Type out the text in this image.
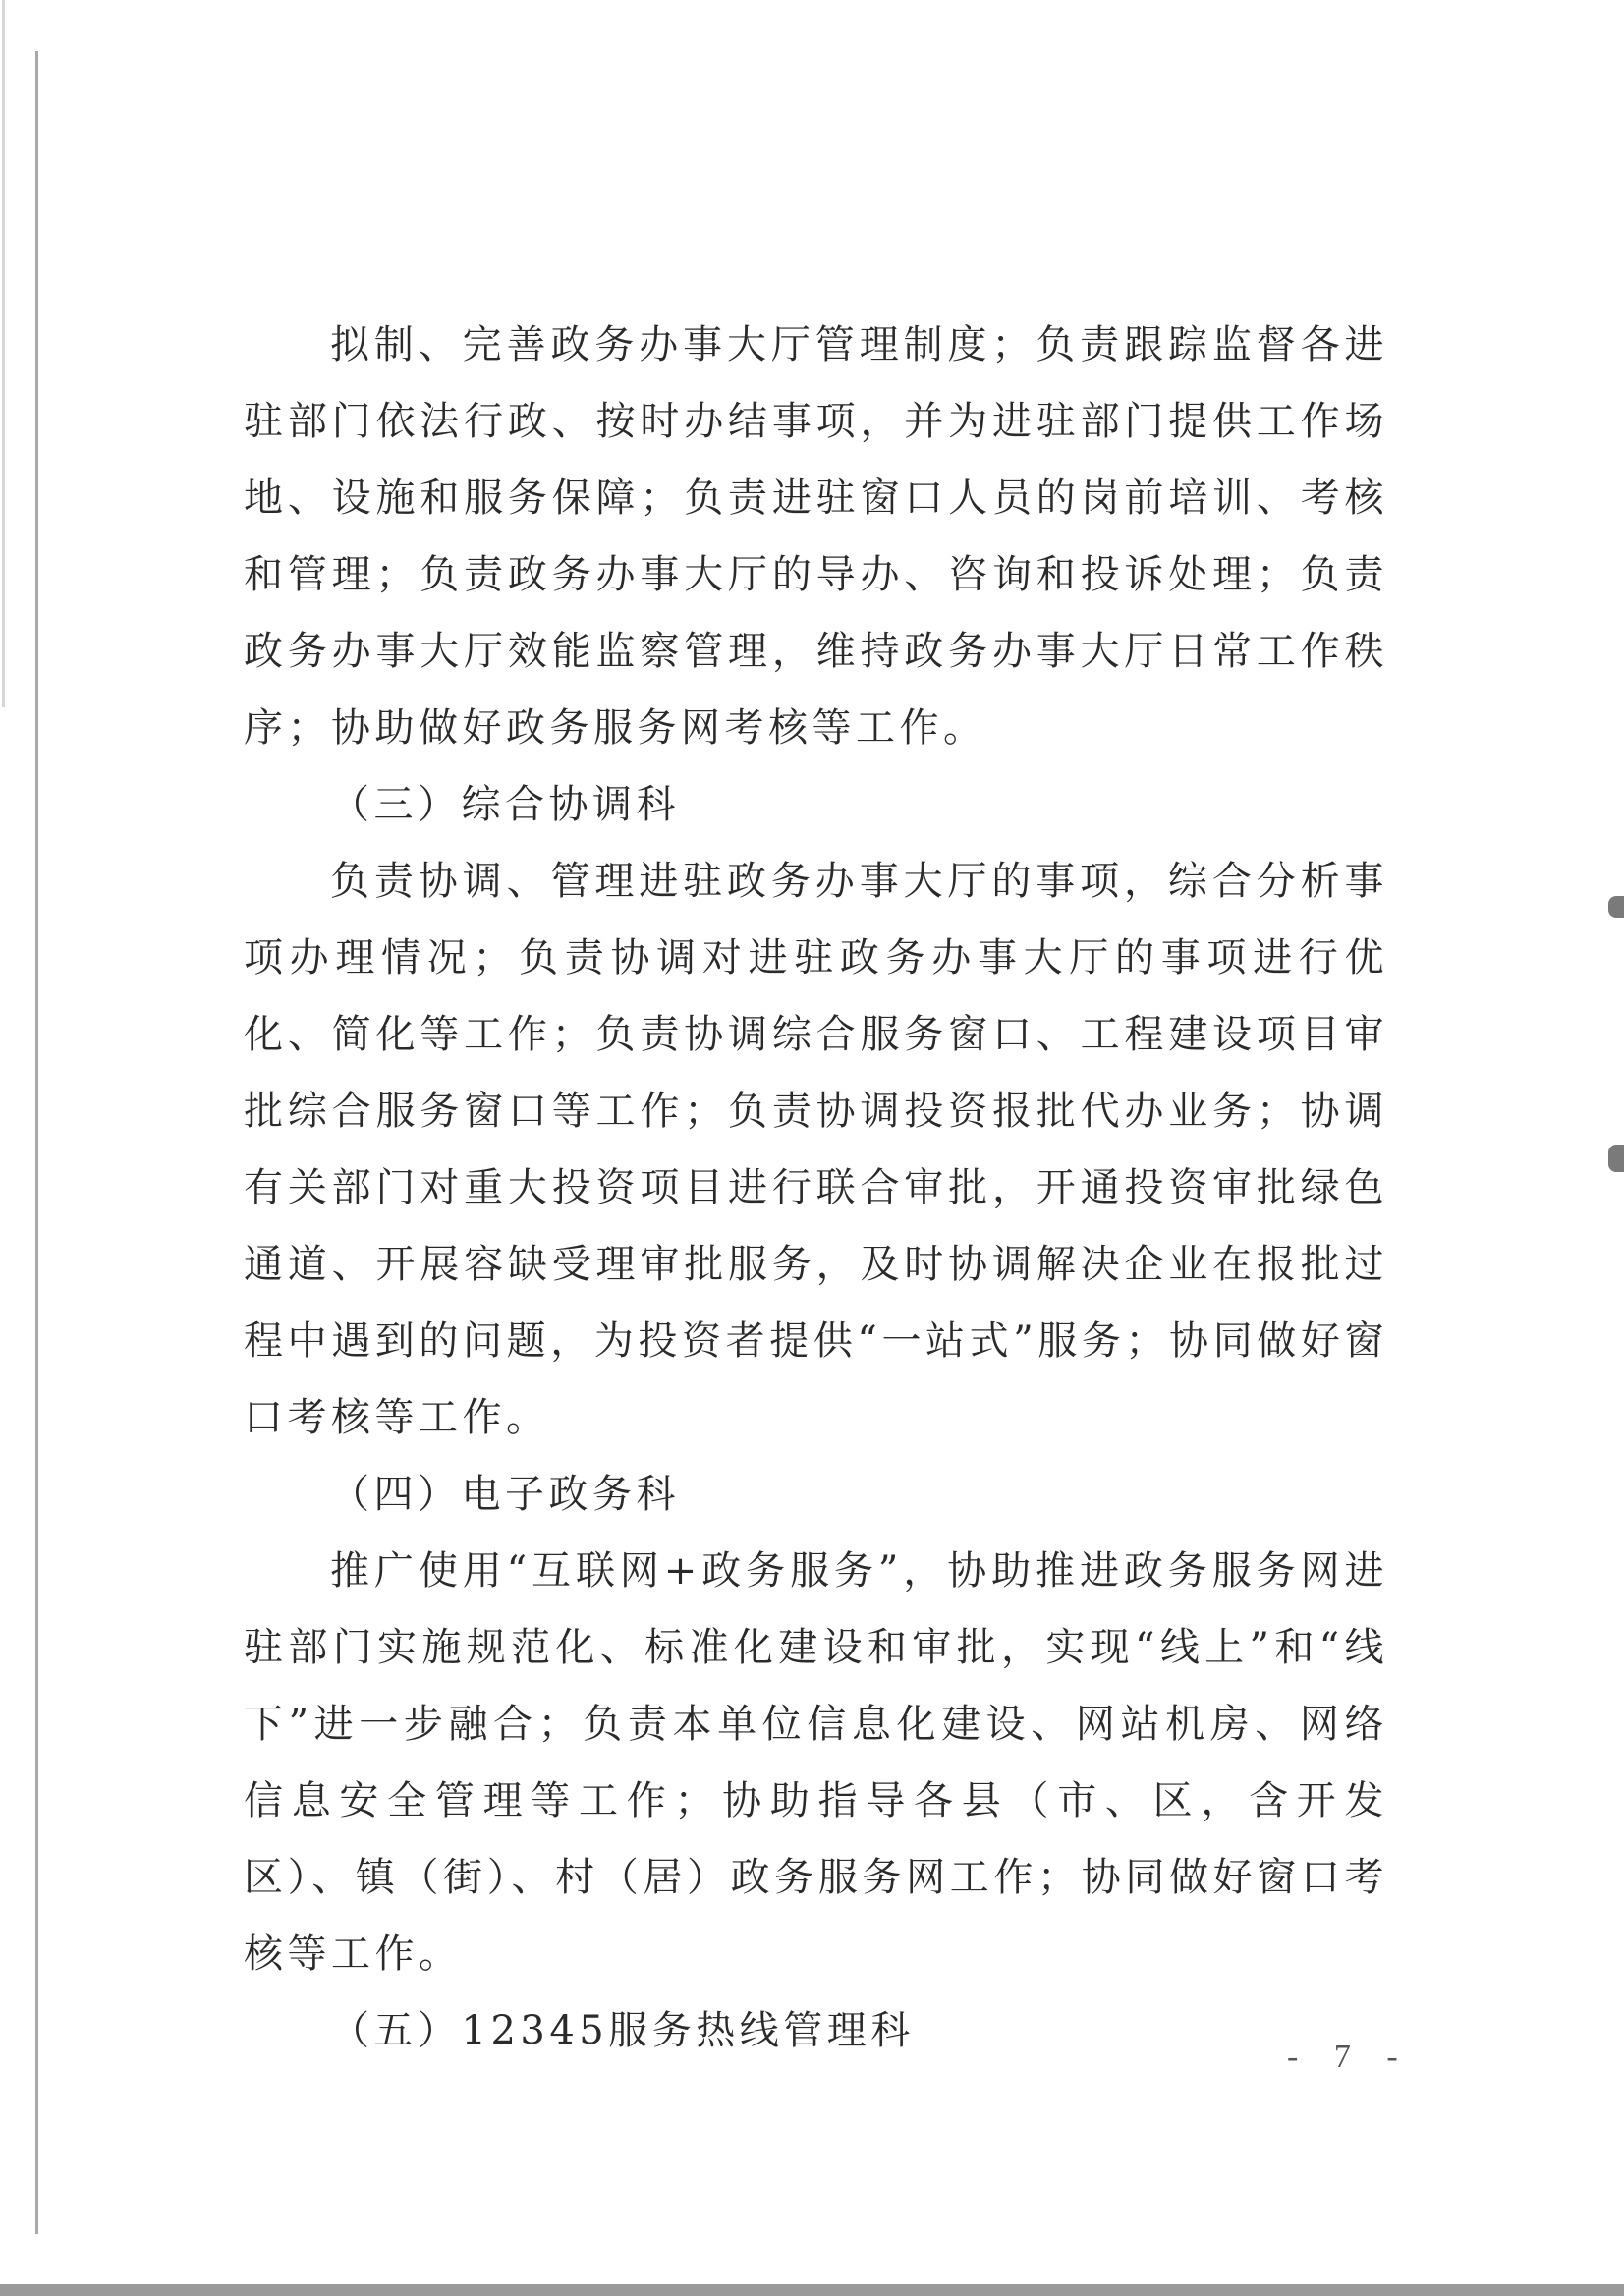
拟制、完善政务办事大厅管理制度；负责跟踪监督各进驻部门依法行政、按时办结事项，并为进驻部门提供工作场地、设施和服务保障；负责进驻窗口人员的岗前培训、考核和管理；负责政务办事大厅的导办、咨询和投诉处理；负责政务办事大厅效能监察管理，维持政务办事大厅日常工作秩序；协助做好政务服务网考核等工作。

（三）综合协调科

负责协调、管理进驻政务办事大厅的事项，综合分析事项办理情况；负责协调对进驻政务办事大厅的事项进行优化、简化等工作；负责协调综合服务窗口、工程建设项目审批综合服务窗口等工作；负责协调投资报批代办业务；协调有关部门对重大投资项目进行联合审批，开通投资审批绿色通道、开展容缺受理审批服务，及时协调解决企业在报批过程中遇到的问题，为投资者提供“一站式”服务；协同做好窗口考核等工作。

（四）电子政务科

推广使用“互联网+政务服务”，协助推进政务服务网进驻部门实施规范化、标准化建设和审批，实现“线上”和“线下”进一步融合；负责本单位信息化建设、网站机房、网络信息安全管理等工作；协助指导各县（市、区，含开发区）、镇（街）、村（居）政务服务网工作；协同做好窗口考核等工作。

（五）12345服务热线管理科

- 7 -
